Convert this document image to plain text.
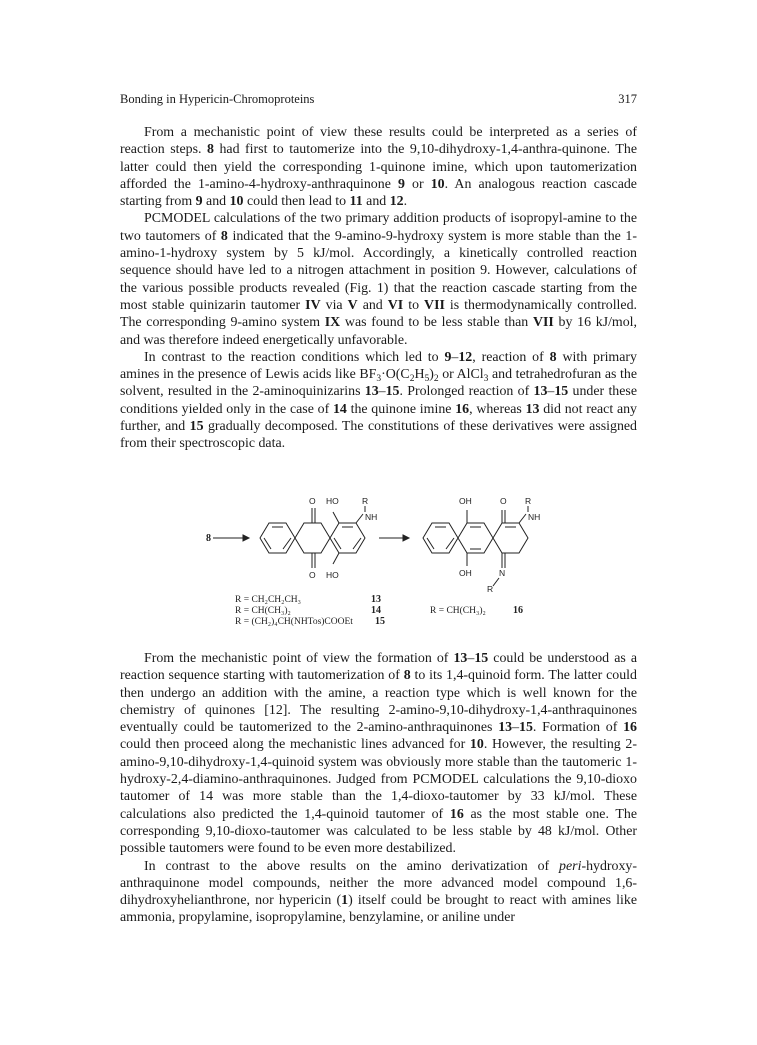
Bonding in Hypericin-Chromoproteins	317

From a mechanistic point of view these results could be interpreted as a series of reaction steps. 8 had first to tautomerize into the 9,10-dihydroxy-1,4-anthra-quinone. The latter could then yield the corresponding 1-quinone imine, which upon tautomerization afforded the 1-amino-4-hydroxy-anthraquinone 9 or 10. An analogous reaction cascade starting from 9 and 10 could then lead to 11 and 12.

PCMODEL calculations of the two primary addition products of isopropyl-amine to the two tautomers of 8 indicated that the 9-amino-9-hydroxy system is more stable than the 1-amino-1-hydroxy system by 5 kJ/mol. Accordingly, a kinetically controlled reaction sequence should have led to a nitrogen attachment in position 9. However, calculations of the various possible products revealed (Fig. 1) that the reaction cascade starting from the most stable quinizarin tautomer IV via V and VI to VII is thermodynamically controlled. The corresponding 9-amino system IX was found to be less stable than VII by 16 kJ/mol, and was therefore indeed energetically unfavorable.

In contrast to the reaction conditions which led to 9–12, reaction of 8 with primary amines in the presence of Lewis acids like $BF_3\cdot O(C_2H_5)_2$ or AlCl$_3$ and tetrahedrofuran as the solvent, resulted in the 2-aminoquinizarins 13–15. Prolonged reaction of 13–15 under these conditions yielded only in the case of 14 the quinone imine 16, whereas 13 did not react any further, and 15 gradually decomposed. The constitutions of these derivatives were assigned from their spectroscopic data.

8
O HO	R
NH
O HO
OH	O R
NH
OH	N
R
R = CH₂CH₂CH₃	13
R = CH(CH₃)₂	14
R = (CH₂)₄CH(NHTos)COOEt 15
R = CH(CH₃)₂	16

From the mechanistic point of view the formation of 13–15 could be understood as a reaction sequence starting with tautomerization of 8 to its 1,4-quinoid form. The latter could then undergo an addition with the amine, a reaction type which is well known for the chemistry of quinones [12]. The resulting 2-amino-9,10-dihydroxy-1,4-anthraquinones eventually could be tautomerized to the 2-amino-anthraquinones 13–15. Formation of 16 could then proceed along the mechanistic lines advanced for 10. However, the resulting 2-amino-9,10-dihydroxy-1,4-quinoid system was obviously more stable than the tautomeric 1-hydroxy-2,4-diamino-anthraquinones. Judged from PCMODEL calculations the 9,10-dioxo tautomer of 14 was more stable than the 1,4-dioxo-tautomer by 33 kJ/mol. These calculations also predicted the 1,4-quinoid tautomer of 16 as the most stable one. The corresponding 9,10-dioxo-tautomer was calculated to be less stable by 48 kJ/mol. Other possible tautomers were found to be even more destabilized.

In contrast to the above results on the amino derivatization of peri-hydroxy-anthraquinone model compounds, neither the more advanced model compound 1,6-dihydroxyhelianthrone, nor hypericin (1) itself could be brought to react with amines like ammonia, propylamine, isopropylamine, benzylamine, or aniline under
